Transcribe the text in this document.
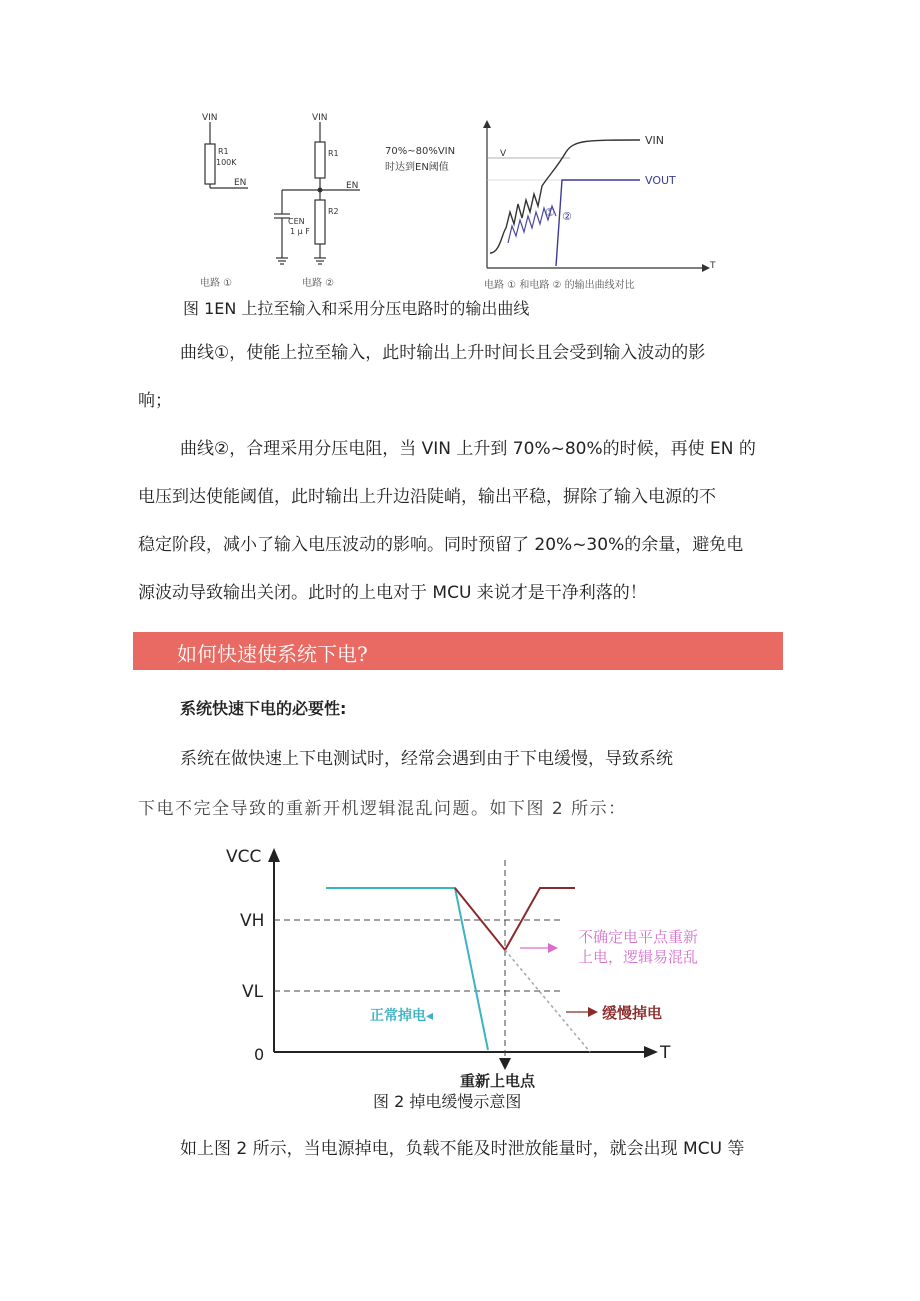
VIN
R1
100K
EN
电路 ①
VIN
R1
R2
CEN
1 μ F
EN
电路 ②
V
T
70%~80%VIN
时达到EN阈值
VIN
VOUT
① ②
电路 ① 和电路 ② 的输出曲线对比
图 1EN 上拉至输入和采用分压电路时的输出曲线
曲线①，使能上拉至输入，此时输出上升时间长且会受到输入波动的影
响；
曲线②，合理采用分压电阻，当 VIN 上升到 70%~80%的时候，再使 EN 的
电压到达使能阈值，此时输出上升边沿陡峭，输出平稳，摒除了输入电源的不
稳定阶段，减小了输入电压波动的影响。同时预留了 20%~30%的余量，避免电
源波动导致输出关闭。此时的上电对于 MCU 来说才是干净利落的！
如何快速使系统下电?
系统快速下电的必要性:
系统在做快速上下电测试时，经常会遇到由于下电缓慢，导致系统
下电不完全导致的重新开机逻辑混乱问题。如下图 2 所示：
VCC
VH
VL
0	T
正常掉电◂	缓慢掉电
不确定电平点重新
上电，逻辑易混乱
重新上电点
图 2 掉电缓慢示意图
如上图 2 所示，当电源掉电，负载不能及时泄放能量时，就会出现 MCU 等
